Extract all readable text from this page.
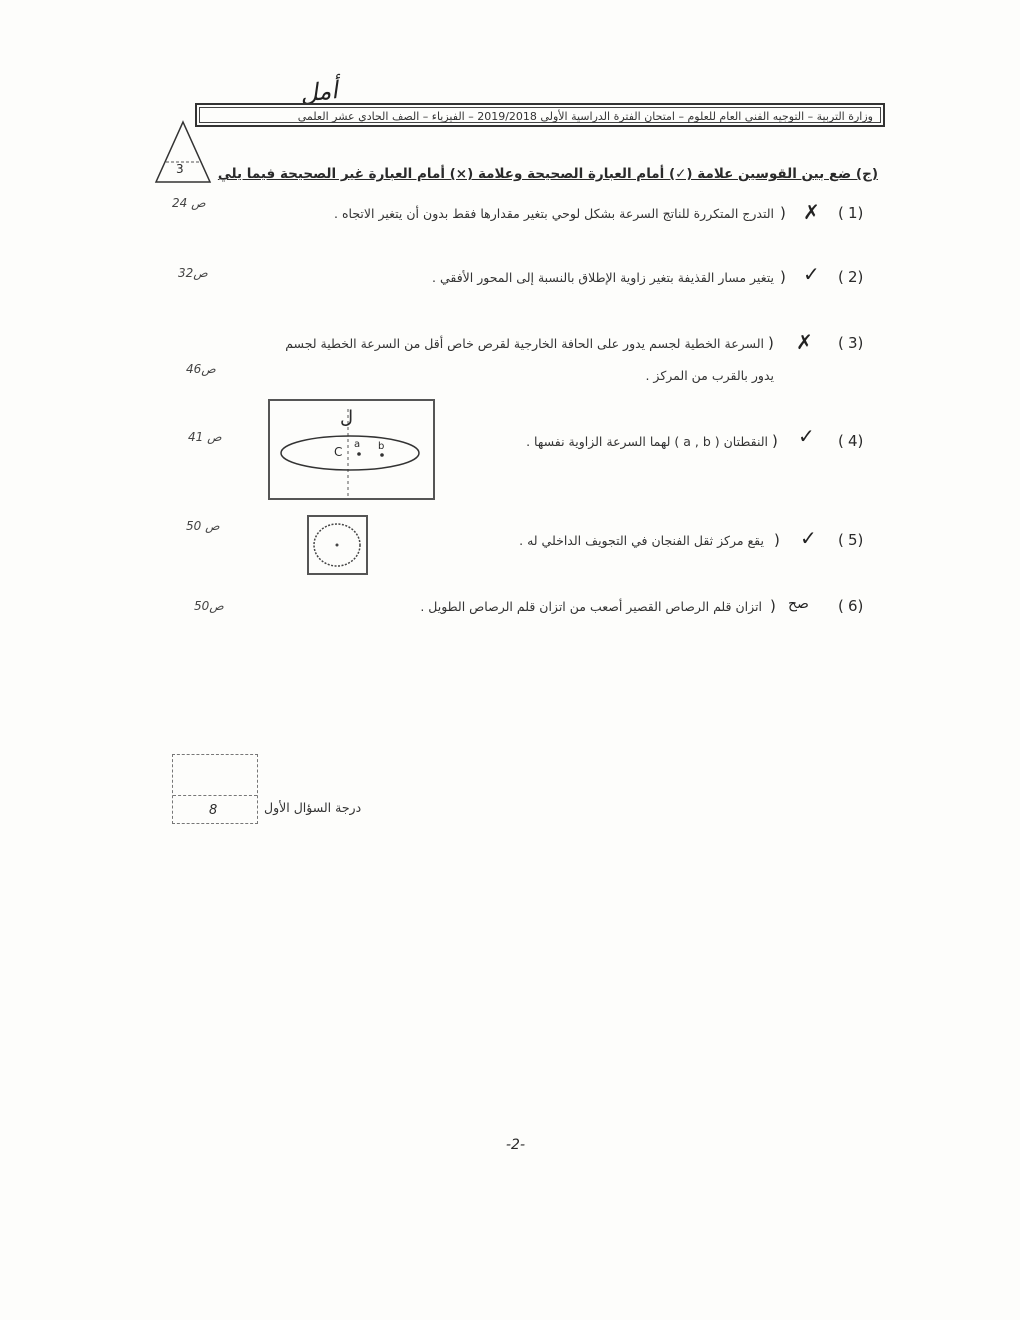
أمل
وزارة التربية – التوجيه الفني العام للعلوم – امتحان الفترة الدراسية الأولى 2019/2018 – الفيزياء – الصف الحادي عشر العلمي
3	(ج) ضع بين القوسين علامة (✓) أمام العبارة الصحيحة وعلامة (×) أمام العبارة غير الصحيحة فيما يلي
1)
(
✗
)
التدرج المتكررة للناتج السرعة بشكل لوحي بتغير مقدارها فقط بدون أن يتغير الاتجاه .
ص 24
2)
(
✓
)
يتغير مسار القذيفة بتغير زاوية الإطلاق بالنسبة إلى المحور الأفقي .
ص32
3)
(
✗
)
السرعة الخطية لجسم يدور على الحافة الخارجية لقرص خاص أقل من السرعة الخطية لجسم
يدور بالقرب من المركز .
ص46
4)
(
✓
)
النقطتان ( a , b ) لهما السرعة الزاوية نفسها .
ص 41
ل
C
a b
5)
(
✓
)
يقع مركز ثقل الفنجان في التجويف الداخلي له .
ص 50
6)
(
صح
)
اتزان قلم الرصاص القصير أصعب من اتزان قلم الرصاص الطويل .
ص50
8	درجة السؤال الأول
-2-
